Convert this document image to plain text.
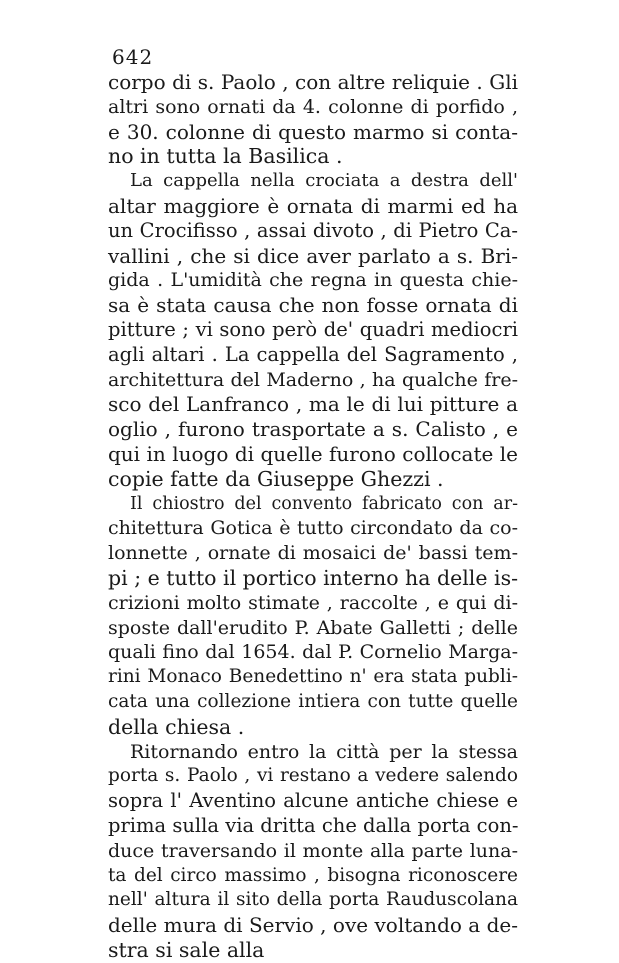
642
corpo di s. Paolo , con altre reliquie . Gli
altri sono ornati da 4. colonne di porfido ,
e 30. colonne di questo marmo si conta-
no in tutta la Basilica .
La cappella nella crociata a destra dell'
altar maggiore è ornata di marmi ed ha
un Crocifisso , assai divoto , di Pietro Ca-
vallini , che si dice aver parlato a s. Bri-
gida . L'umidità che regna in questa chie-
sa è stata causa che non fosse ornata di
pitture ; vi sono però de' quadri mediocri
agli altari . La cappella del Sagramento ,
architettura del Maderno , ha qualche fre-
sco del Lanfranco , ma le di lui pitture a
oglio , furono trasportate a s. Calisto , e
qui in luogo di quelle furono collocate le
copie fatte da Giuseppe Ghezzi .
Il chiostro del convento fabricato con ar-
chitettura Gotica è tutto circondato da co-
lonnette , ornate di mosaici de' bassi tem-
pi ; e tutto il portico interno ha delle is-
crizioni molto stimate , raccolte , e qui di-
sposte dall'erudito P. Abate Galletti ; delle
quali fino dal 1654. dal P. Cornelio Marga-
rini Monaco Benedettino n' era stata publi-
cata una collezione intiera con tutte quelle
della chiesa .
Ritornando entro la città per la stessa
porta s. Paolo , vi restano a vedere salendo
sopra l' Aventino alcune antiche chiese e
prima sulla via dritta che dalla porta con-
duce traversando il monte alla parte luna-
ta del circo massimo , bisogna riconoscere
nell' altura il sito della porta Rauduscolana
delle mura di Servio , ove voltando a de-
stra si sale alla
